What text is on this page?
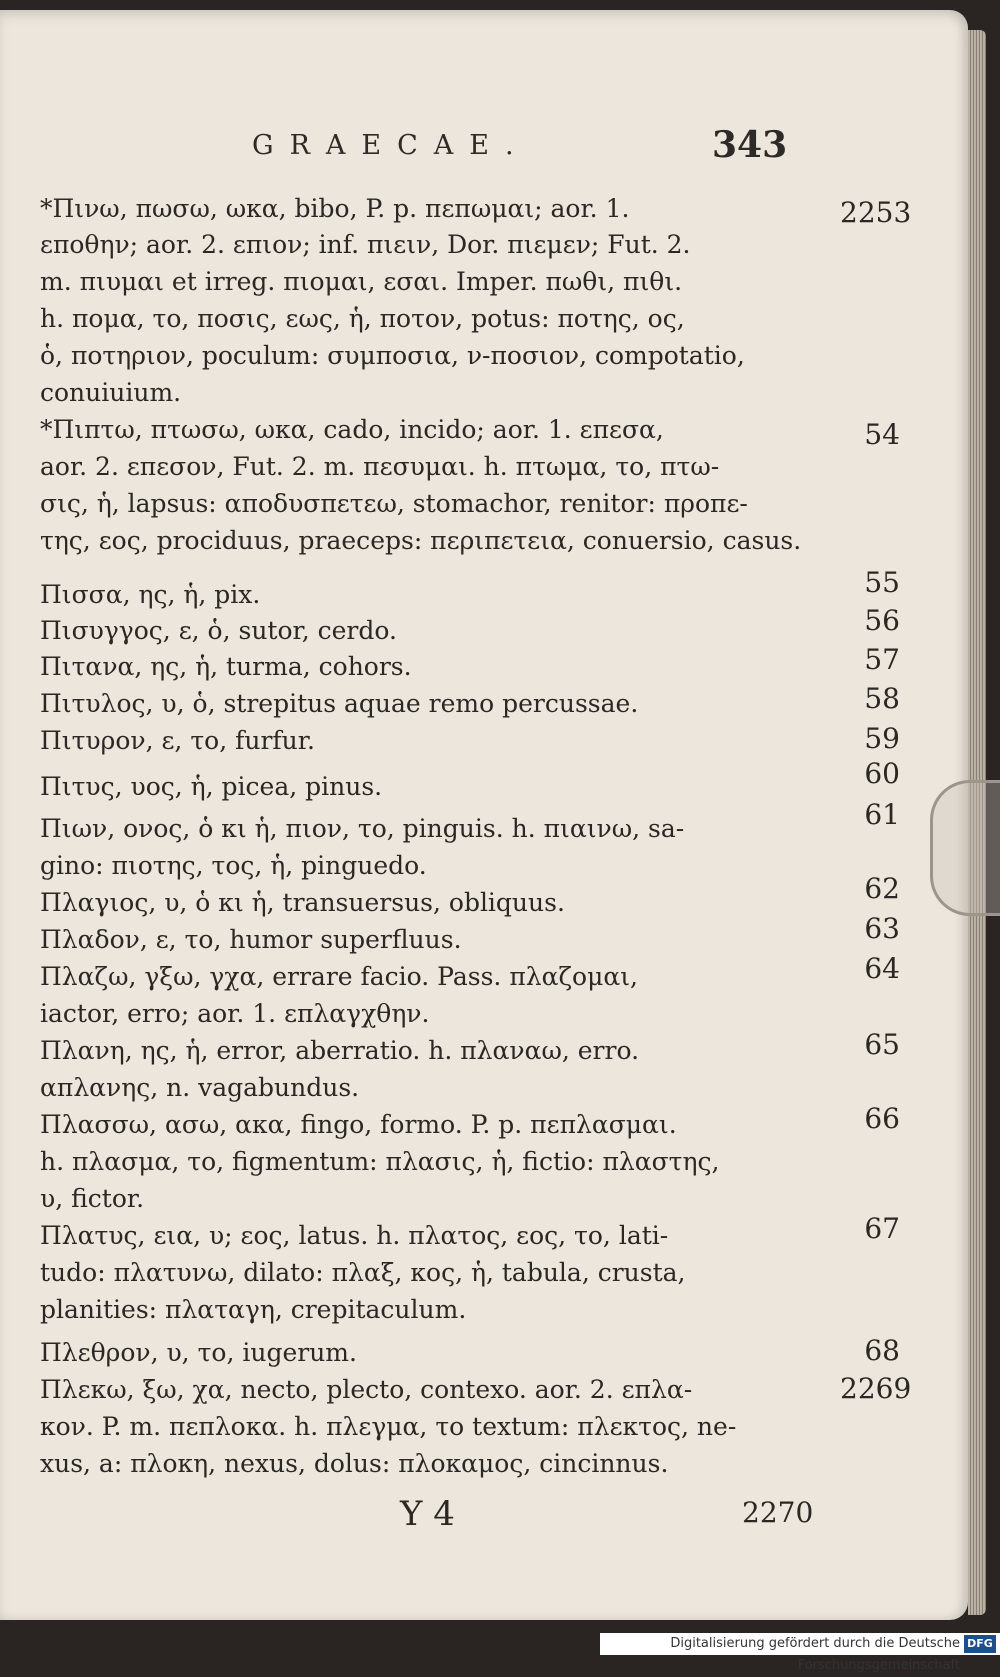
GRAECAE.	343
*Πινω, πωσω, ωκα, bibo, P. p. πεπωμαι; aor. 1.
εποθην; aor. 2. επιον; inf. πιειν, Dor. πιεμεν; Fut. 2.
m. πιυμαι et irreg. πιομαι, εσαι. Imper. πωθι, πιθι.
h. πομα, το, ποσις, εως, ἡ, ποτον, potus: ποτης, ος,
ὁ, ποτηριον, poculum: συμποσια, ν-ποσιον, compotatio,
conuiuium.
*Πιπτω, πτωσω, ωκα, cado, incido; aor. 1. επεσα,
aor. 2. επεσον, Fut. 2. m. πεσυμαι. h. πτωμα, το, πτω-
σις, ἡ, lapsus: αποδυσπετεω, stomachor, renitor: προπε-
της, εος, prociduus, praeceps: περιπετεια, conuersio, casus.
Πισσα, ης, ἡ, pix.
Πισυγγος, ε, ὁ, sutor, cerdo.
Πιτανα, ης, ἡ, turma, cohors.
Πιτυλος, υ, ὁ, strepitus aquae remo percussae.
Πιτυρον, ε, το, furfur.
Πιτυς, υος, ἡ, picea, pinus.
Πιων, ονος, ὁ κι ἡ, πιον, το, pinguis. h. πιαινω, sa-
gino: πιοτης, τος, ἡ, pinguedo.
Πλαγιος, υ, ὁ κι ἡ, transuersus, obliquus.
Πλαδον, ε, το, humor superfluus.
Πλαζω, γξω, γχα, errare facio. Pass. πλαζομαι,
iactor, erro; aor. 1. επλαγχθην.
Πλανη, ης, ἡ, error, aberratio. h. πλαναω, erro.
απλανης, n. vagabundus.
Πλασσω, ασω, ακα, fingo, formo. P. p. πεπλασμαι.
h. πλασμα, το, figmentum: πλασις, ἡ, fictio: πλαστης,
υ, fictor.
Πλατυς, εια, υ; εος, latus. h. πλατος, εος, το, lati-
tudo: πλατυνω, dilato: πλαξ, κος, ἡ, tabula, crusta,
planities: πλαταγη, crepitaculum.
Πλεθρον, υ, το, iugerum.
Πλεκω, ξω, χα, necto, plecto, contexo. aor. 2. επλα-
κον. P. m. πεπλοκα. h. πλεγμα, το textum: πλεκτος, ne-
xus, a: πλοκη, nexus, dolus: πλοκαμος, cincinnus.
2253
54
55
56
57
58
59
60
61
62
63
64
65
66
67
68
2269
Y 4	2270
Digitalisierung gefördert durch die Deutsche Forschungsgemeinschaft
DFG
